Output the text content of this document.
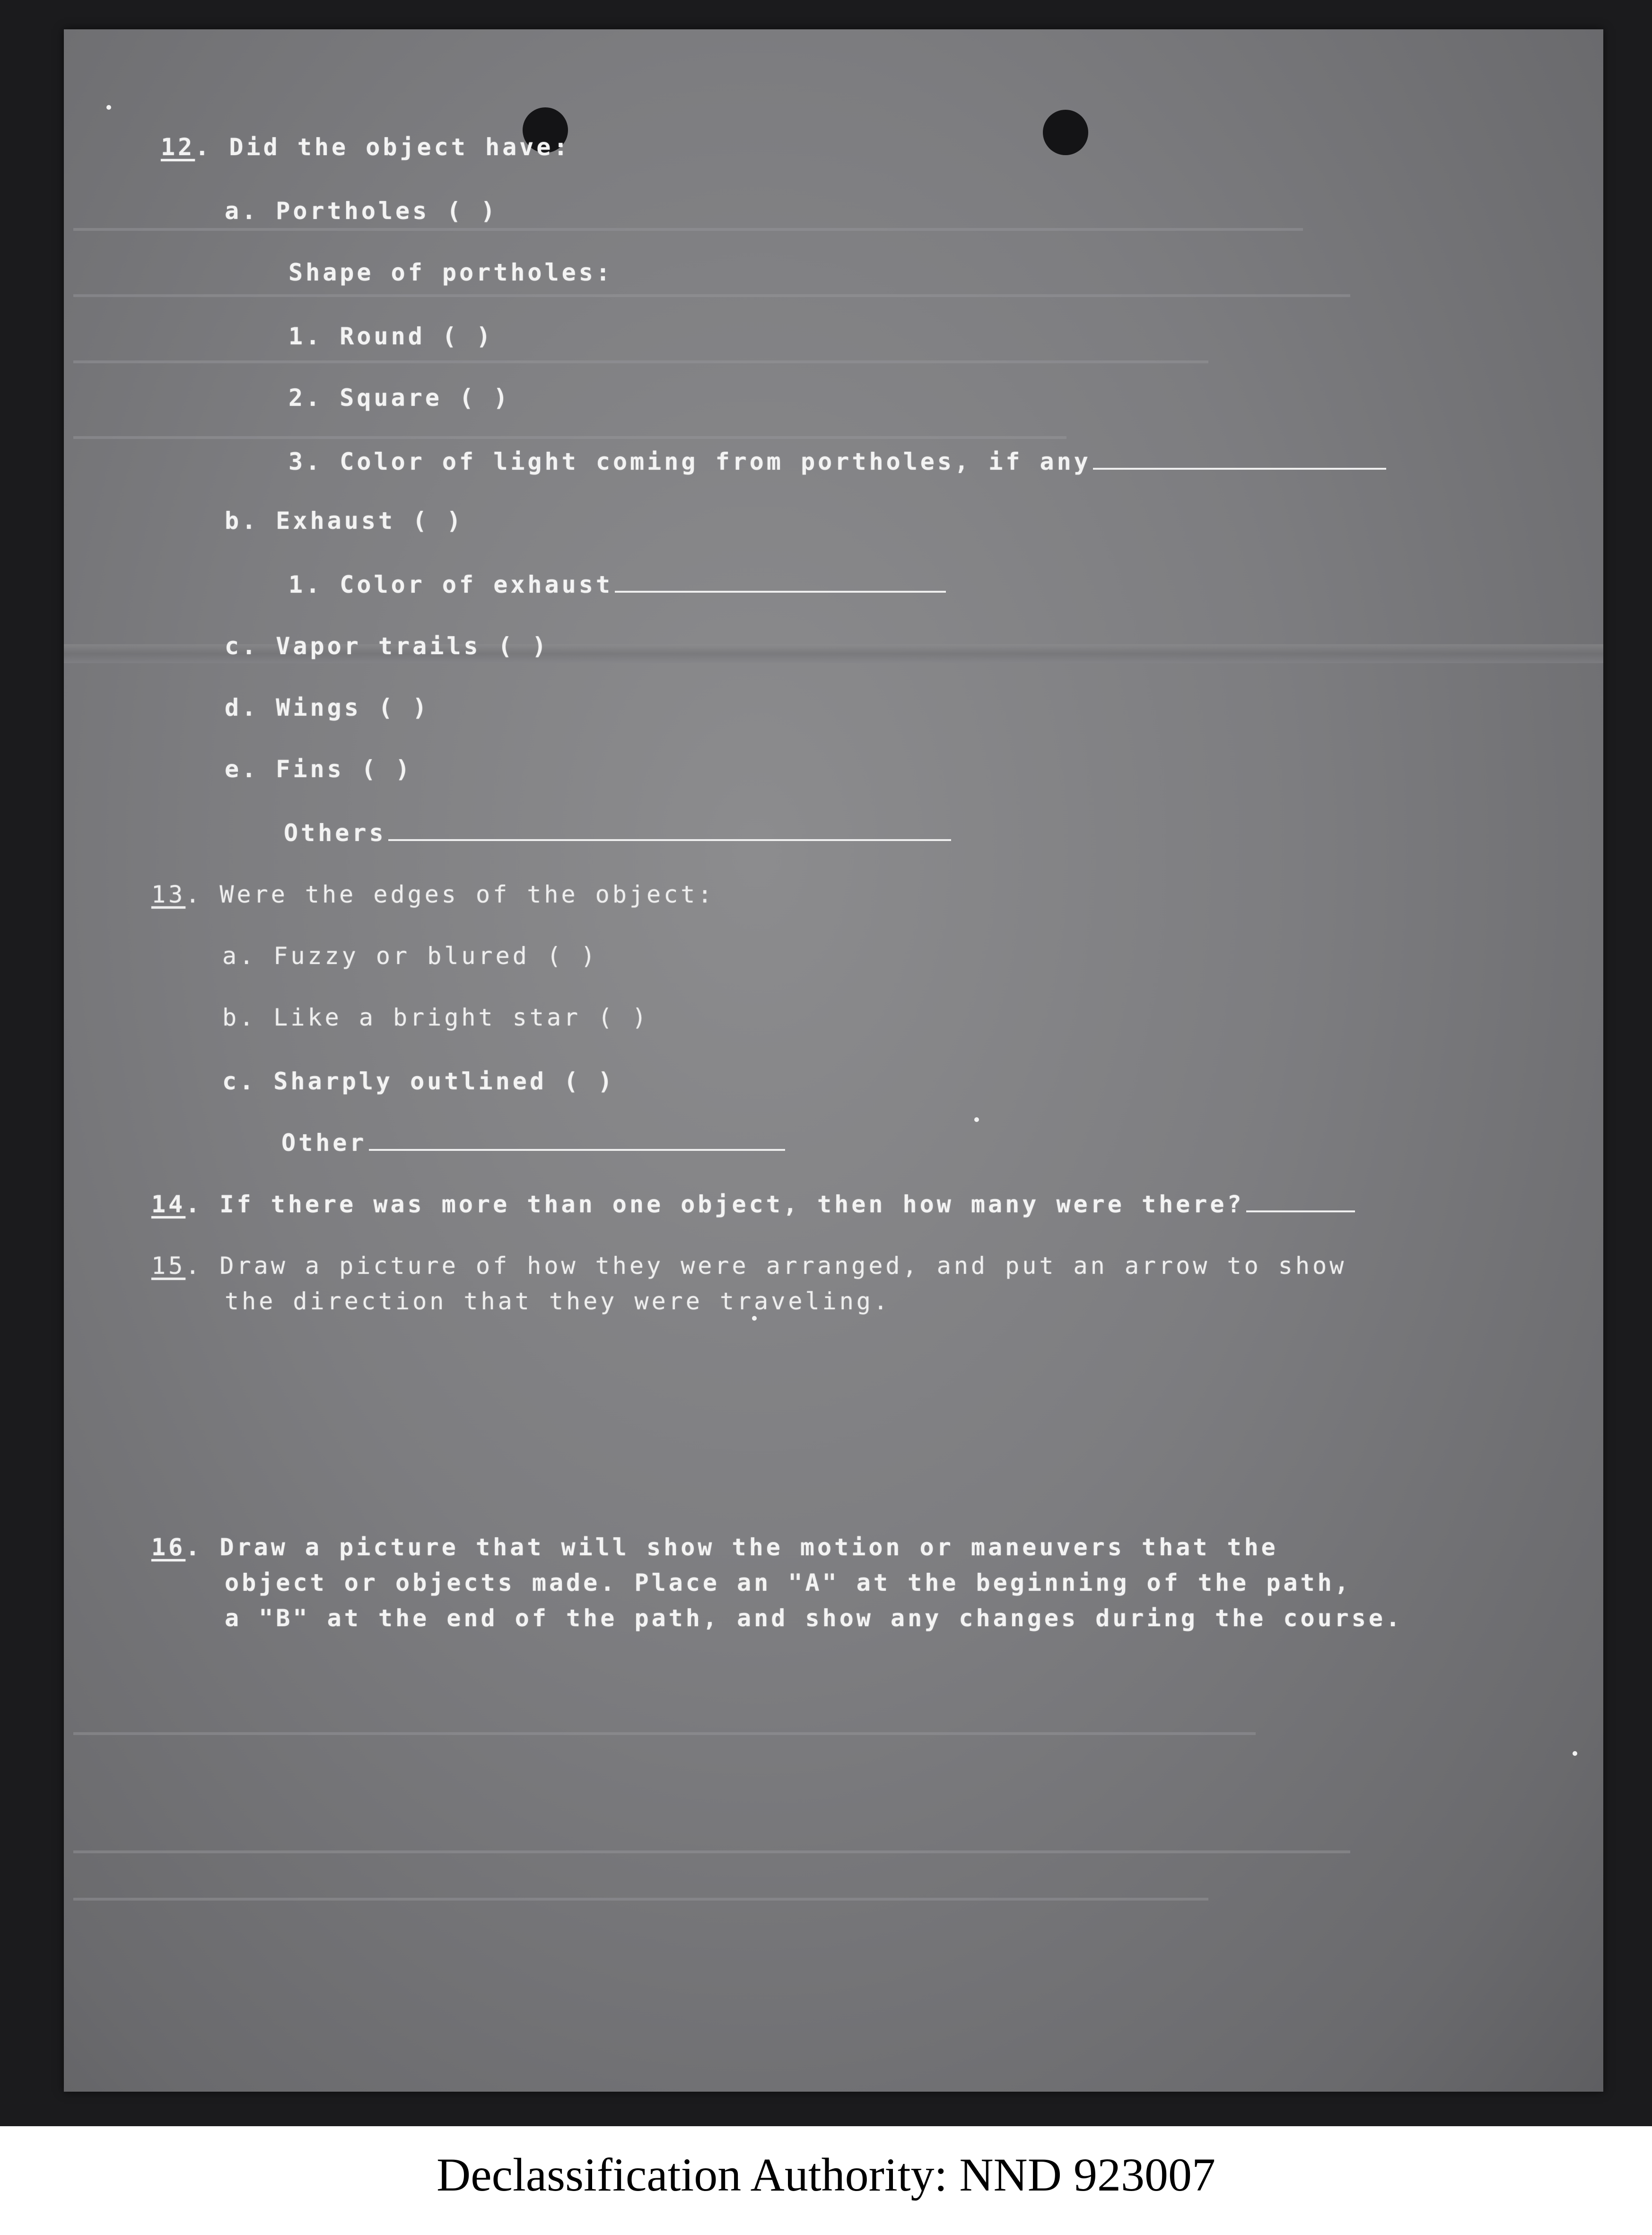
12. Did the object have:
a. Portholes ( )
Shape of portholes:
1. Round ( )
2. Square ( )
3. Color of light coming from portholes, if any
b. Exhaust ( )
1. Color of exhaust
c. Vapor trails ( )
d. Wings ( )
e. Fins ( )
Others
13. Were the edges of the object:
a. Fuzzy or blured ( )
b. Like a bright star ( )
c. Sharply outlined ( )
Other
14. If there was more than one object, then how many were there?
15. Draw a picture of how they were arranged, and put an arrow to show
the direction that they were traveling.
16. Draw a picture that will show the motion or maneuvers that the
object or objects made. Place an "A" at the beginning of the path,
a "B" at the end of the path, and show any changes during the course.
Declassification Authority: NND 923007
